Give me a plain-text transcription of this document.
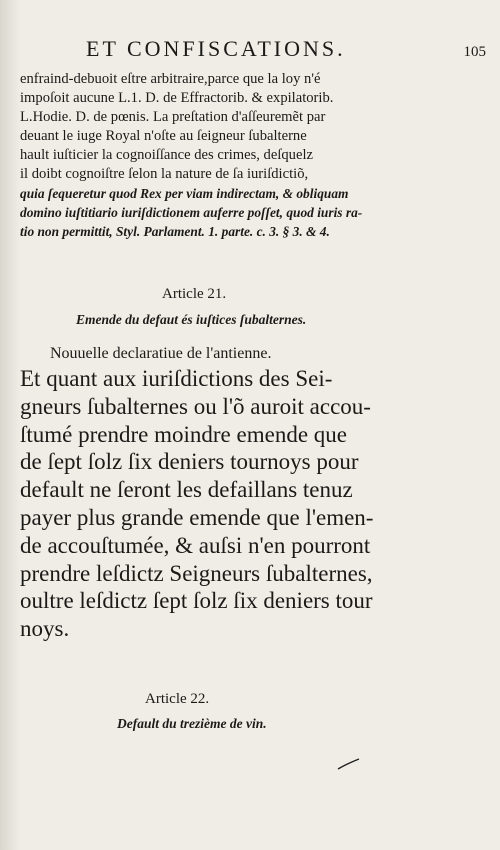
ET CONFISCATIONS.	105
enfraind-debuoit eſtre arbitraire,parce que la loy n'é
impoſoit aucune L.1. D. de Effractorib. & expilatorib.
L.Hodie. D. de pœnis. La preſtation d'aſſeuremẽt par
deuant le iuge Royal n'oſte au ſeigneur ſubalterne
hault iuſticier la cognoiſſance des crimes, deſquelz
il doibt cognoiſtre ſelon la nature de ſa iuriſdictiõ,
quia ſequeretur quod Rex per viam indirectam, & obliquam
domino iuſtitiario iuriſdictionem auferre poſſet, quod iuris ra-
tio non permittit, Styl. Parlament. 1. parte. c. 3. § 3. & 4.
Article 21.
Emende du defaut és iuſtices ſubalternes.
Nouuelle declaratiue de l'antienne.
Et quant aux iuriſdictions des Sei-
gneurs ſubalternes ou l'õ auroit accou-
ſtumé prendre moindre emende que
de ſept ſolz ſix deniers tournoys pour
default ne ſeront les defaillans tenuz
payer plus grande emende que l'emen-
de accouſtumée, & auſsi n'en pourront
prendre leſdictz Seigneurs ſubalternes,
oultre leſdictz ſept ſolz ſix deniers tour
noys.
Article 22.
Default du trezième de vin.
